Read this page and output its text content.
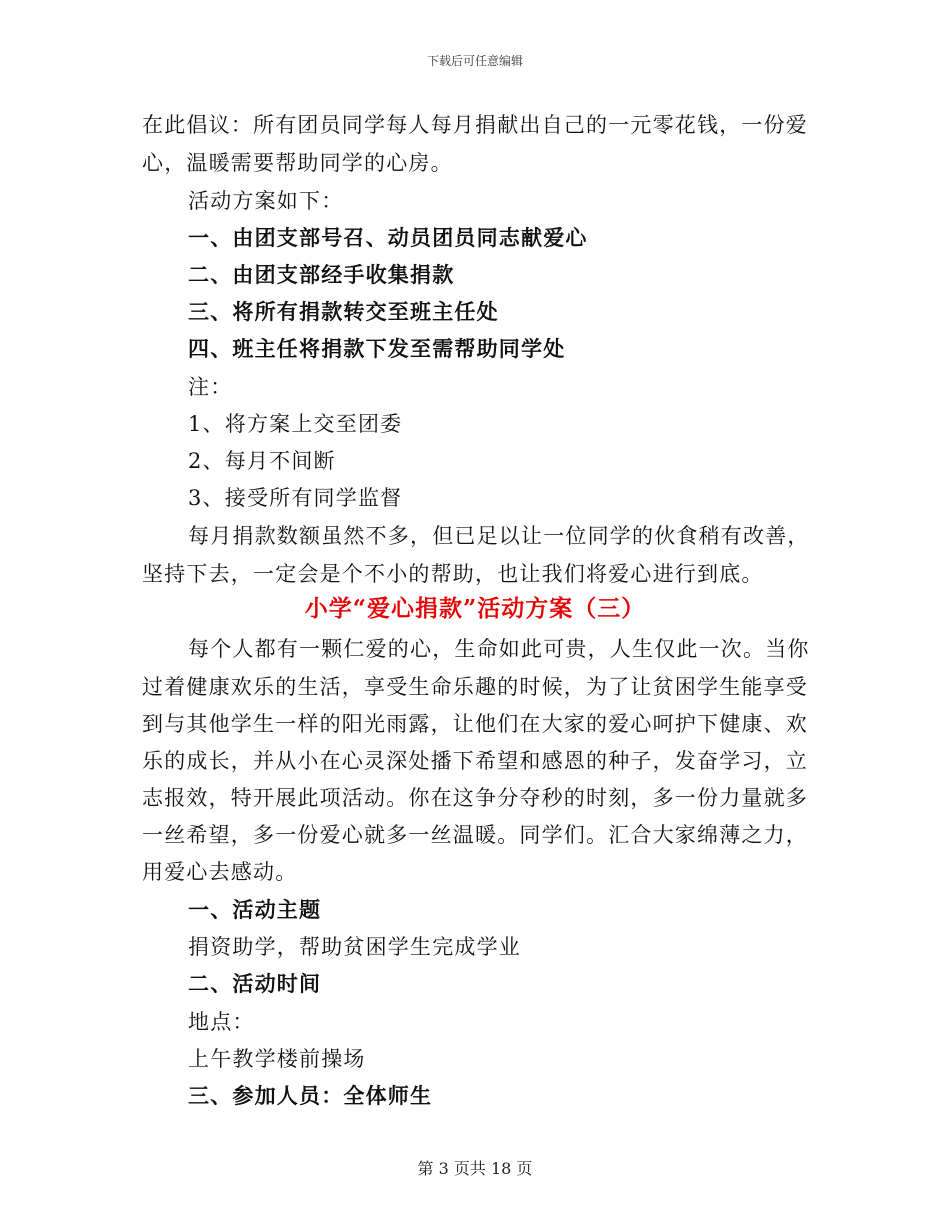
下载后可任意编辑
在此倡议：所有团员同学每人每月捐献出自己的一元零花钱，一份爱
心，温暖需要帮助同学的心房。
活动方案如下：
一、由团支部号召、动员团员同志献爱心
二、由团支部经手收集捐款
三、将所有捐款转交至班主任处
四、班主任将捐款下发至需帮助同学处
注：
1、将方案上交至团委
2、每月不间断
3、接受所有同学监督
每月捐款数额虽然不多，但已足以让一位同学的伙食稍有改善，
坚持下去，一定会是个不小的帮助，也让我们将爱心进行到底。
小学“爱心捐款”活动方案（三）
每个人都有一颗仁爱的心，生命如此可贵，人生仅此一次。当你
过着健康欢乐的生活，享受生命乐趣的时候，为了让贫困学生能享受
到与其他学生一样的阳光雨露，让他们在大家的爱心呵护下健康、欢
乐的成长，并从小在心灵深处播下希望和感恩的种子，发奋学习，立
志报效，特开展此项活动。你在这争分夺秒的时刻，多一份力量就多
一丝希望，多一份爱心就多一丝温暖。同学们。汇合大家绵薄之力，
用爱心去感动。
一、活动主题
捐资助学，帮助贫困学生完成学业
二、活动时间
地点：
上午教学楼前操场
三、参加人员：全体师生
第 3 页共 18 页
